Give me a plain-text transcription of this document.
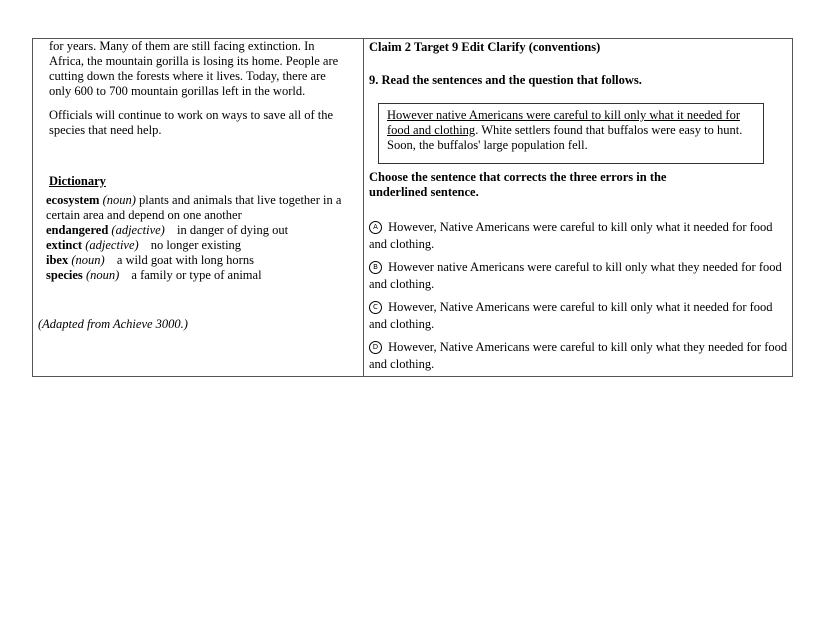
for years. Many of them are still facing extinction. In Africa, the mountain gorilla is losing its home. People are cutting down the forests where it lives. Today, there are only 600 to 700 mountain gorillas left in the world.

Officials will continue to work on ways to save all of the species that need help.

Dictionary

ecosystem (noun) plants and animals that live together in a certain area and depend on one another

endangered (adjective) in danger of dying out

extinct (adjective) no longer existing

ibex (noun) a wild goat with long horns

species (noun) a family or type of animal

(Adapted from Achieve 3000.)
Claim 2 Target 9 Edit Clarify (conventions)
9. Read the sentences and the question that follows.
However native Americans were careful to kill only what it needed for food and clothing. White settlers found that buffalos were easy to hunt. Soon, the buffalos' large population fell.
Choose the sentence that corrects the three errors in the underlined sentence.

A However, Native Americans were careful to kill only what it needed for food and clothing.

B However native Americans were careful to kill only what they needed for food and clothing.

C However, Native Americans were careful to kill only what it needed for food and clothing.

D However, Native Americans were careful to kill only what they needed for food and clothing.
